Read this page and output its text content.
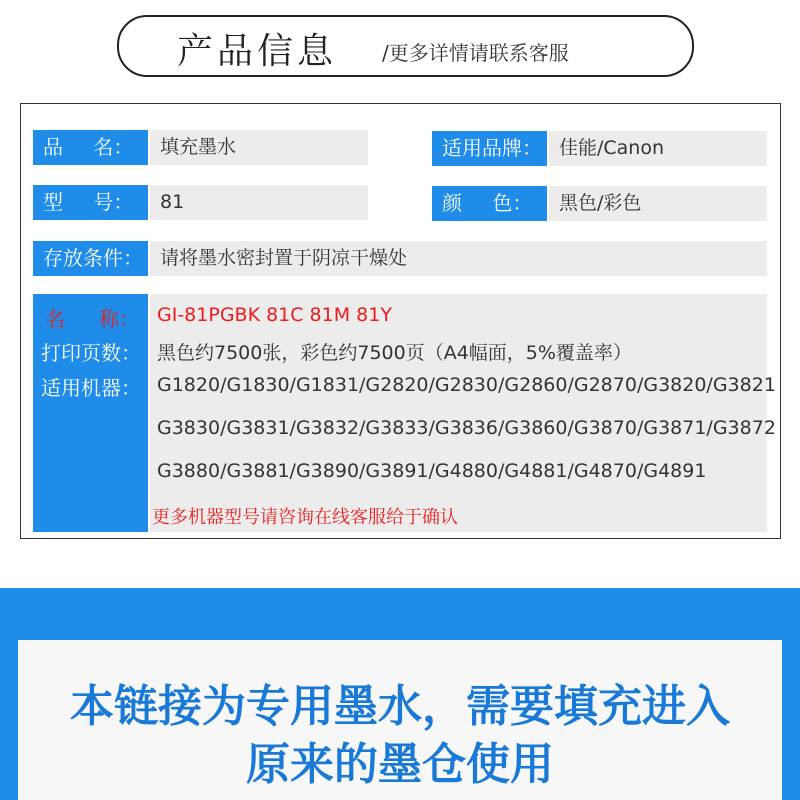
产品信息 /更多详情请联系客服
品 名：	填充墨水	适用品牌： 佳能/Canon
型 号：	81	颜 色：	黑色/彩色
存放条件： 请将墨水密封置于阴凉干燥处
名 称： GI-81PGBK 81C 81M 81Y
打印页数： 黑色约7500张，彩色约7500页（A4幅面，5%覆盖率）
适用机器： G1820/G1830/G1831/G2820/G2830/G2860/G2870/G3820/G3821
G3830/G3831/G3832/G3833/G3836/G3860/G3870/G3871/G3872
G3880/G3881/G3890/G3891/G4880/G4881/G4870/G4891
更多机器型号请咨询在线客服给于确认
本链接为专用墨水，需要填充进入
原来的墨仓使用
